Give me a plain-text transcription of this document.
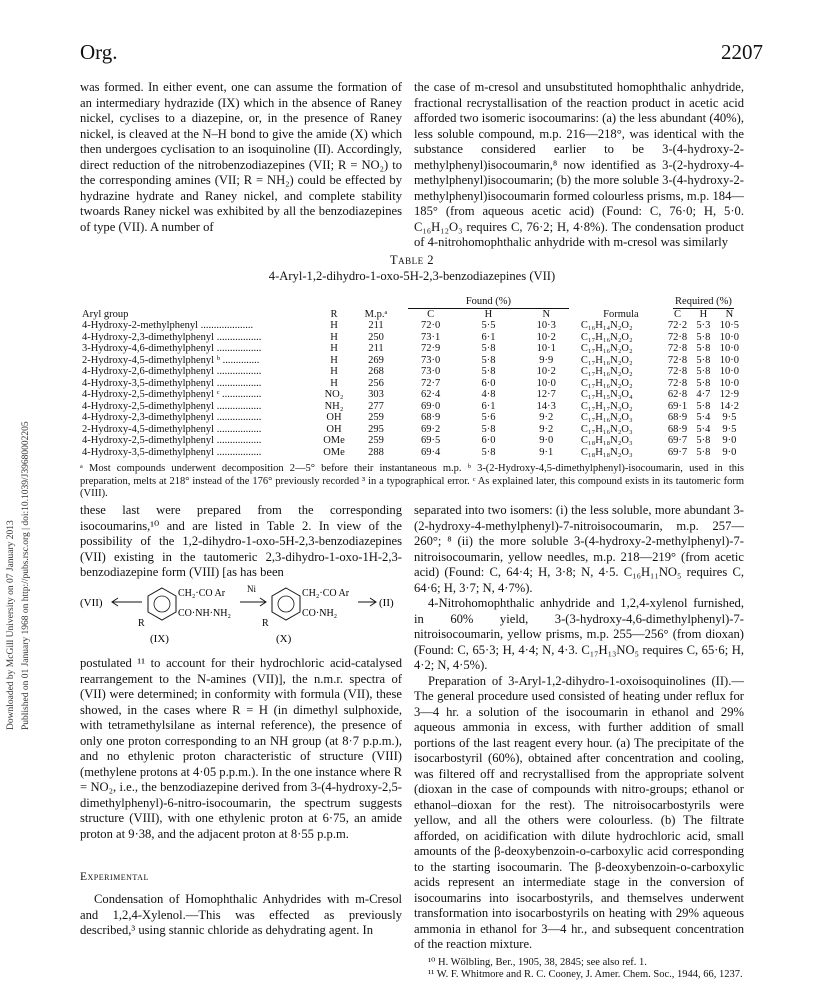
Downloaded by McGill University on 07 January 2013 Published on 01 January 1968 on http://pubs.rsc.org | doi:10.1039/J39680002205
Org.	2207

was formed. In either event, one can assume the formation of an intermediary hydrazide (IX) which in the absence of Raney nickel, cyclises to a diazepine, or, in the presence of Raney nickel, is cleaved at the N–H bond to give the amide (X) which then undergoes cyclisation to an isoquinoline (II). Accordingly, direct reduction of the nitrobenzodiazepines (VII; R = NO₂) to the corresponding amines (VII; R = NH₂) could be effected by hydrazine hydrate and Raney nickel, and complete stability twoards Raney nickel was exhibited by all the benzodiazepines of type (VII). A number of

the case of m-cresol and unsubstituted homophthalic anhydride, fractional recrystallisation of the reaction product in acetic acid afforded two isomeric isocoumarins: (a) the less abundant (40%), less soluble compound, m.p. 216—218°, was identical with the substance considered earlier to be 3-(4-hydroxy-2-methylphenyl)isocoumarin,⁸ now identified as 3-(2-hydroxy-4-methylphenyl)isocoumarin; (b) the more soluble 3-(4-hydroxy-2-methylphenyl)isocoumarin formed colourless prisms, m.p. 184—185° (from aqueous acetic acid) (Found: C, 76·0; H, 5·0. C₁₆H₁₂O₃ requires C, 76·2; H, 4·8%). The condensation product of 4-nitrohomophthalic anhydride with m-cresol was similarly

Table 2
4-Aryl-1,2-dihydro-1-oxo-5H-2,3-benzodiazepines (VII)

			Found (%)				Required (%)		

Aryl group	R	M.p.ᵃ	C	H	N	Formula	C	H	N
4-Hydroxy-2-methylphenyl ....................	H	211	72·0	5·5	10·3	C₁₆H₁₄N₂O₂	72·2	5·3	10·5
4-Hydroxy-2,3-dimethylphenyl .................	H	250	73·1	6·1	10·2	C₁₇H₁₆N₂O₂	72·8	5·8	10·0
3-Hydroxy-4,6-dimethylphenyl .................	H	211	72·9	5·8	10·1	C₁₇H₁₆N₂O₂	72·8	5·8	10·0
2-Hydroxy-4,5-dimethylphenyl ᵇ ..............	H	269	73·0	5·8	9·9	C₁₇H₁₆N₂O₂	72·8	5·8	10·0
4-Hydroxy-2,6-dimethylphenyl .................	H	268	73·0	5·8	10·2	C₁₇H₁₆N₂O₂	72·8	5·8	10·0
4-Hydroxy-3,5-dimethylphenyl .................	H	256	72·7	6·0	10·0	C₁₇H₁₆N₂O₂	72·8	5·8	10·0
4-Hydroxy-2,5-dimethylphenyl ᶜ ...............	NO₂	303	62·4	4·8	12·7	C₁₇H₁₅N₃O₄	62·8	4·7	12·9
4-Hydroxy-2,5-dimethylphenyl .................	NH₂	277	69·0	6·1	14·3	C₁₇H₁₇N₃O₂	69·1	5·8	14·2
4-Hydroxy-2,3-dimethylphenyl .................	OH	259	68·9	5·6	9·2	C₁₇H₁₆N₂O₃	68·9	5·4	9·5
2-Hydroxy-4,5-dimethylphenyl .................	OH	295	69·2	5·8	9·2	C₁₇H₁₆N₂O₃	68·9	5·4	9·5
4-Hydroxy-2,5-dimethylphenyl .................	OMe	259	69·5	6·0	9·0	C₁₈H₁₈N₂O₃	69·7	5·8	9·0
4-Hydroxy-3,5-dimethylphenyl .................	OMe	288	69·4	5·8	9·1	C₁₈H₁₈N₂O₃	69·7	5·8	9·0
ᵃ Most compounds underwent decomposition 2—5° before their instantaneous m.p. ᵇ 3-(2-Hydroxy-4,5-dimethylphenyl)-isocoumarin, used in this preparation, melts at 218° instead of the 176° previously recorded ³ in a typographical error. ᶜ As explained later, this compound exists in its tautomeric form (VIII).

these last were prepared from the corresponding isocoumarins,¹⁰ and are listed in Table 2. In view of the possibility of the 1,2-dihydro-1-oxo-5H-2,3-benzodiazepines (VII) existing in the tautomeric 2,3-dihydro-1-oxo-1H-2,3-benzodiazepine form (VIII) [as has been

(VII)
R
CH₂·CO Ar
CO·NH·NH₂
Ni
R
CH₂·CO Ar
CO·NH₂
(II)
(IX)	(X)

postulated ¹¹ to account for their hydrochloric acid-catalysed rearrangement to the N-amines (VII)], the n.m.r. spectra of (VII) were determined; in conformity with formula (VII), these showed, in the cases where R = H (in dimethyl sulphoxide, with tetramethylsilane as internal reference), the presence of only one proton corresponding to an NH group (at 8·7 p.p.m.), and no ethylenic proton characteristic of structure (VIII) (methylene protons at 4·05 p.p.m.). In the one instance where R = NO₂, i.e., the benzodiazepine derived from 3-(4-hydroxy-2,5-dimethylphenyl)-6-nitro-isocoumarin, the spectrum suggests structure (VIII), with one ethylenic proton at 6·75, an amide proton at 9·38, and the adjacent proton at 8·55 p.p.m.

Experimental

Condensation of Homophthalic Anhydrides with m-Cresol and 1,2,4-Xylenol.—This was effected as previously described,³ using stannic chloride as dehydrating agent. In

separated into two isomers: (i) the less soluble, more abundant 3-(2-hydroxy-4-methylphenyl)-7-nitroisocoumarin, m.p. 257—260°; ⁸ (ii) the more soluble 3-(4-hydroxy-2-methylphenyl)-7-nitroisocoumarin, yellow needles, m.p. 218—219° (from acetic acid) (Found: C, 64·4; H, 3·8; N, 4·5. C₁₆H₁₁NO₅ requires C, 64·6; H, 3·7; N, 4·7%).

4-Nitrohomophthalic anhydride and 1,2,4-xylenol furnished, in 60% yield, 3-(3-hydroxy-4,6-dimethylphenyl)-7-nitroisocoumarin, yellow prisms, m.p. 255—256° (from dioxan) (Found: C, 65·3; H, 4·4; N, 4·3. C₁₇H₁₃NO₅ requires C, 65·6; H, 4·2; N, 4·5%).

Preparation of 3-Aryl-1,2-dihydro-1-oxoisoquinolines (II).—The general procedure used consisted of heating under reflux for 3—4 hr. a solution of the isocoumarin in ethanol and 29% aqueous ammonia in excess, with further addition of small portions of the last reagent every hour. (a) The precipitate of the isocarbostyril (60%), obtained after concentration and cooling, was filtered off and recrystallised from the appropriate solvent (dioxan in the case of compounds with nitro-groups; ethanol or ethanol–dioxan for the rest). The nitroisocarbostyrils were yellow, and all the others were colourless. (b) The filtrate afforded, on acidification with dilute hydrochloric acid, small amounts of the β-deoxybenzoin-o-carboxylic acid corresponding to the starting isocoumarin. The β-deoxybenzoin-o-carboxylic acids represent an intermediate stage in the conversion of isocoumarins into isocarbostyrils, and themselves underwent transformation into isocarbostyrils on heating with 29% aqueous ammonia in ethanol for 3—4 hr., and subsequent concentration of the reaction mixture.

¹⁰ H. Wölbling, Ber., 1905, 38, 2845; see also ref. 1.
¹¹ W. F. Whitmore and R. C. Cooney, J. Amer. Chem. Soc., 1944, 66, 1237.
